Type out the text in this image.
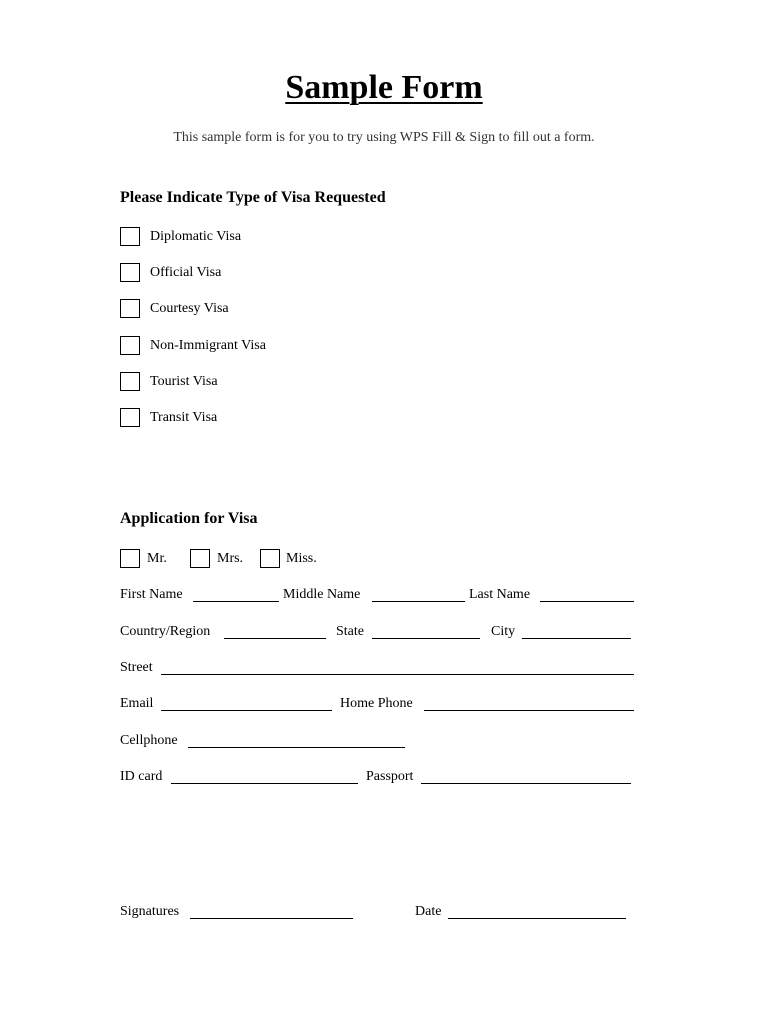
Sample Form
This sample form is for you to try using WPS Fill & Sign to fill out a form.
Please Indicate Type of Visa Requested
Diplomatic Visa
Official Visa
Courtesy Visa
Non-Immigrant Visa
Tourist Visa
Transit Visa
Application for Visa
Mr.	Mrs.	Miss.
First Name	Middle Name	Last Name
Country/Region	State	City
Street
Email	Home Phone
Cellphone
ID card	Passport
Signatures	Date
